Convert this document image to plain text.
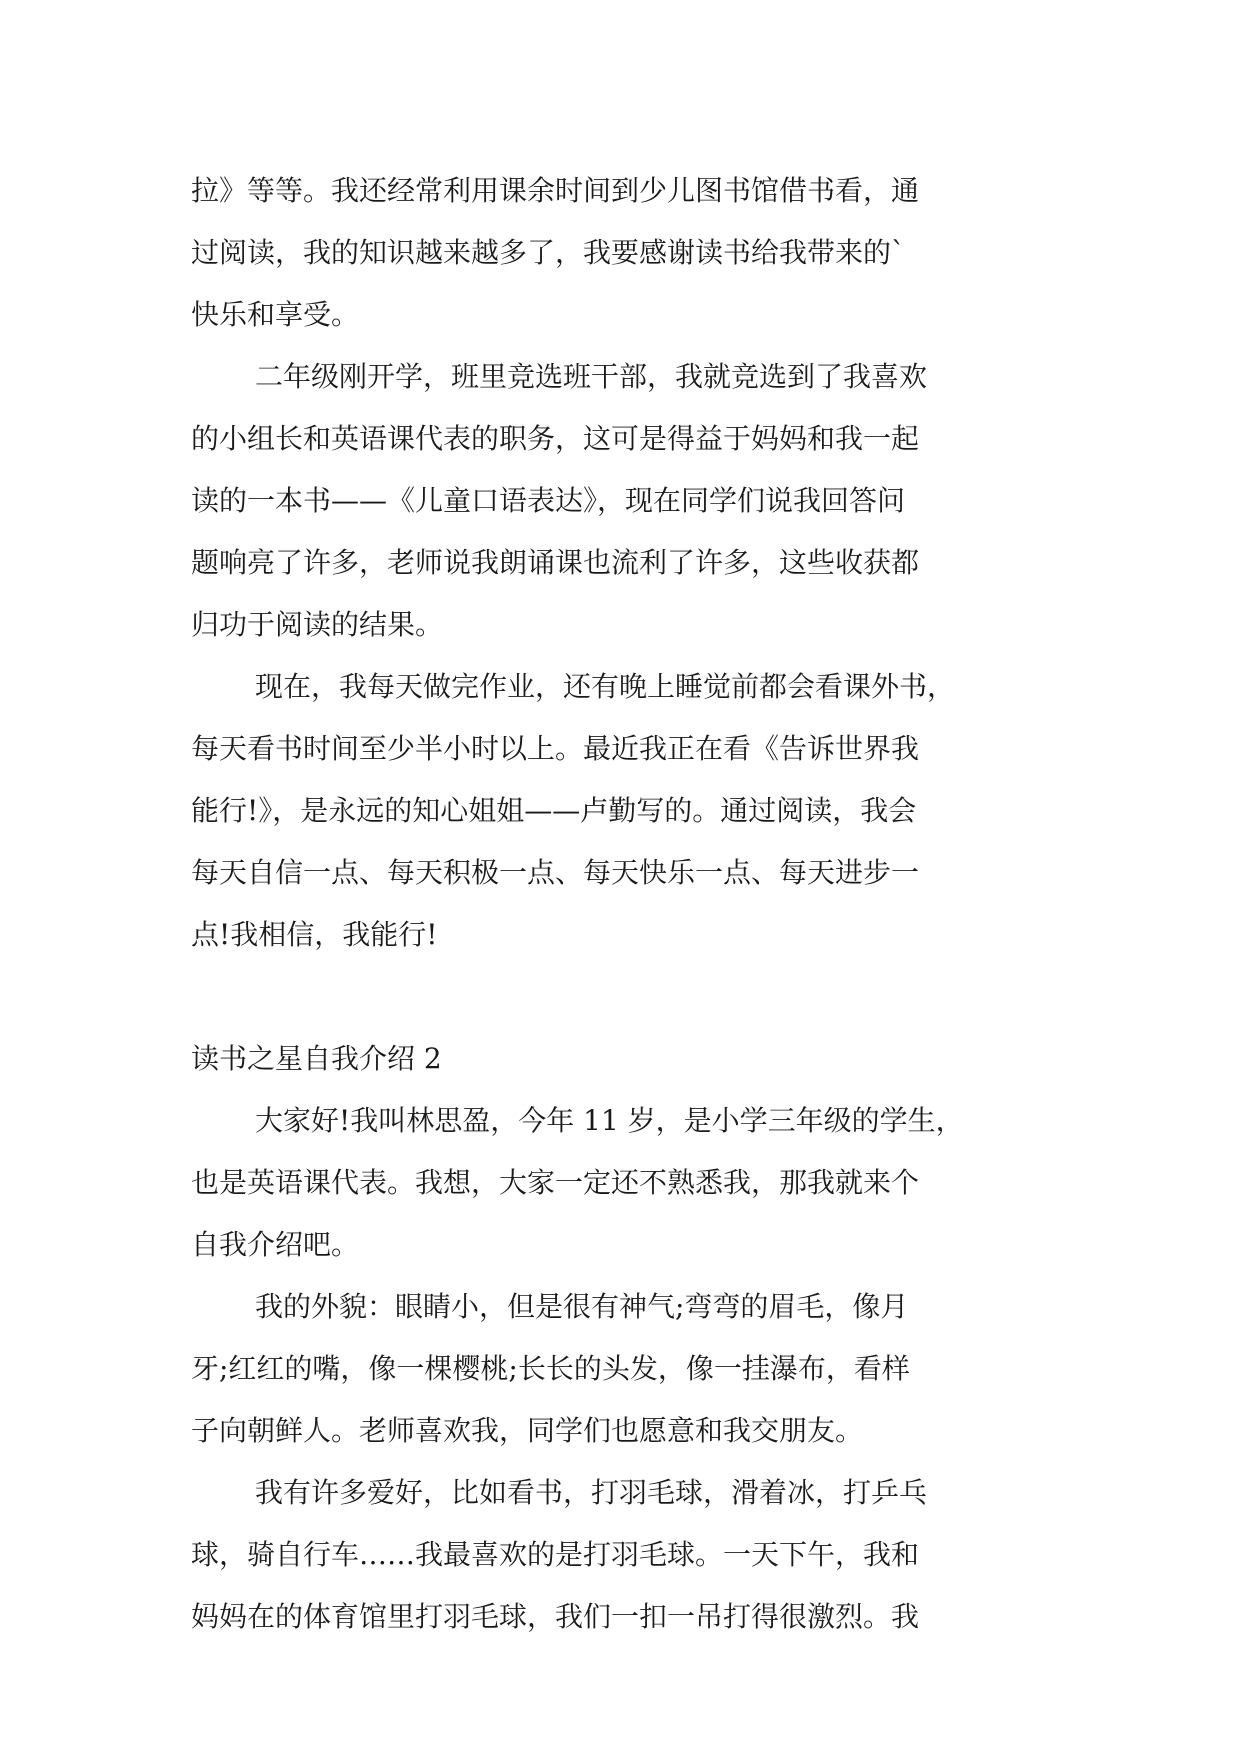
拉》等等。我还经常利用课余时间到少儿图书馆借书看，通
过阅读，我的知识越来越多了，我要感谢读书给我带来的`
快乐和享受。
二年级刚开学，班里竞选班干部，我就竞选到了我喜欢
的小组长和英语课代表的职务，这可是得益于妈妈和我一起
读的一本书——《儿童口语表达》，现在同学们说我回答问
题响亮了许多，老师说我朗诵课也流利了许多，这些收获都
归功于阅读的结果。
现在，我每天做完作业，还有晚上睡觉前都会看课外书，
每天看书时间至少半小时以上。最近我正在看《告诉世界我
能行!》，是永远的知心姐姐——卢勤写的。通过阅读，我会
每天自信一点、每天积极一点、每天快乐一点、每天进步一
点!我相信，我能行!
读书之星自我介绍 2
大家好!我叫林思盈，今年 11 岁，是小学三年级的学生，
也是英语课代表。我想，大家一定还不熟悉我，那我就来个
自我介绍吧。
我的外貌：眼睛小，但是很有神气;弯弯的眉毛，像月
牙;红红的嘴，像一棵樱桃;长长的头发，像一挂瀑布，看样
子向朝鲜人。老师喜欢我，同学们也愿意和我交朋友。
我有许多爱好，比如看书，打羽毛球，滑着冰，打乒乓
球，骑自行车……我最喜欢的是打羽毛球。一天下午，我和
妈妈在的体育馆里打羽毛球，我们一扣一吊打得很激烈。我
